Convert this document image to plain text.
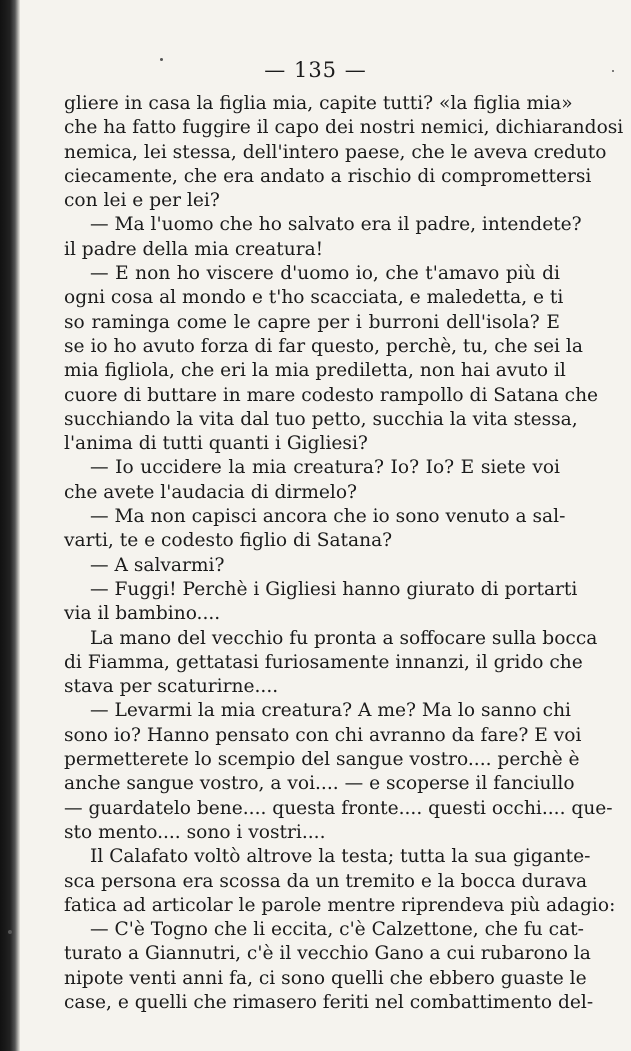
— 135 —
gliere in casa la figlia mia, capite tutti? «la figlia mia»
che ha fatto fuggire il capo dei nostri nemici, dichiarandosi
nemica, lei stessa, dell'intero paese, che le aveva creduto
ciecamente, che era andato a rischio di compromettersi
con lei e per lei?
— Ma l'uomo che ho salvato era il padre, intendete?
il padre della mia creatura!
— E non ho viscere d'uomo io, che t'amavo più di
ogni cosa al mondo e t'ho scacciata, e maledetta, e ti
so raminga come le capre per i burroni dell'isola? E
se io ho avuto forza di far questo, perchè, tu, che sei la
mia figliola, che eri la mia prediletta, non hai avuto il
cuore di buttare in mare codesto rampollo di Satana che
succhiando la vita dal tuo petto, succhia la vita stessa,
l'anima di tutti quanti i Gigliesi?
— Io uccidere la mia creatura? Io? Io? E siete voi
che avete l'audacia di dirmelo?
— Ma non capisci ancora che io sono venuto a sal-
varti, te e codesto figlio di Satana?
— A salvarmi?
— Fuggi! Perchè i Gigliesi hanno giurato di portarti
via il bambino....
La mano del vecchio fu pronta a soffocare sulla bocca
di Fiamma, gettatasi furiosamente innanzi, il grido che
stava per scaturirne....
— Levarmi la mia creatura? A me? Ma lo sanno chi
sono io? Hanno pensato con chi avranno da fare? E voi
permetterete lo scempio del sangue vostro.... perchè è
anche sangue vostro, a voi.... — e scoperse il fanciullo
— guardatelo bene.... questa fronte.... questi occhi.... que-
sto mento.... sono i vostri....
Il Calafato voltò altrove la testa; tutta la sua gigante-
sca persona era scossa da un tremito e la bocca durava
fatica ad articolar le parole mentre riprendeva più adagio:
— C'è Togno che li eccita, c'è Calzettone, che fu cat-
turato a Giannutri, c'è il vecchio Gano a cui rubarono la
nipote venti anni fa, ci sono quelli che ebbero guaste le
case, e quelli che rimasero feriti nel combattimento del-
